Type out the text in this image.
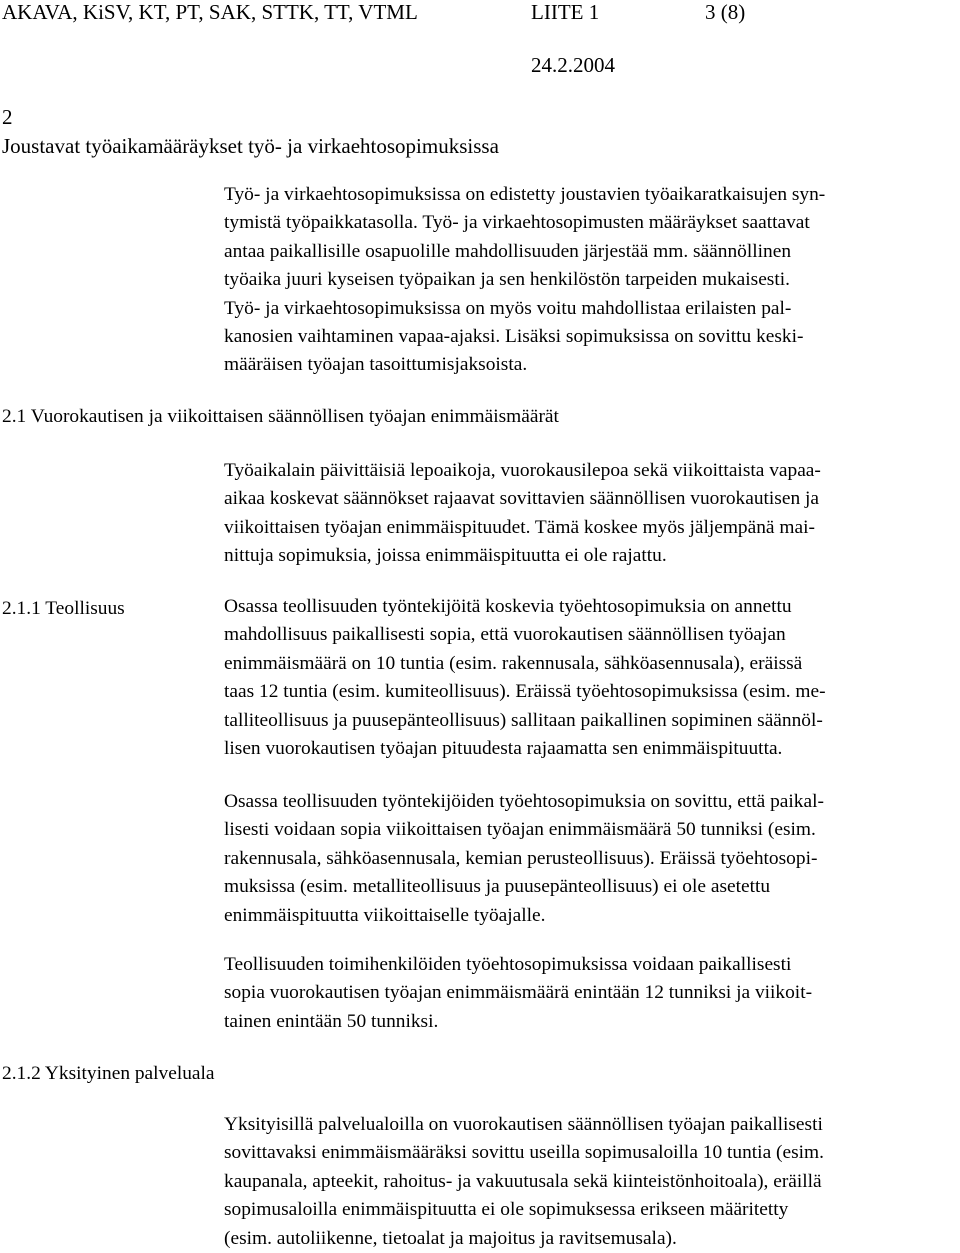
AKAVA, KiSV, KT, PT, SAK, STTK, TT, VTML	LIITE 1	3 (8)
24.2.2004
2
Joustavat työaikamääräykset työ- ja virkaehtosopimuksissa
Työ- ja virkaehtosopimuksissa on edistetty joustavien työaikaratkaisujen syn-
tymistä työpaikkatasolla. Työ- ja virkaehtosopimusten määräykset saattavat
antaa paikallisille osapuolille mahdollisuuden järjestää mm. säännöllinen
työaika juuri kyseisen työpaikan ja sen henkilöstön tarpeiden mukaisesti.
Työ- ja virkaehtosopimuksissa on myös voitu mahdollistaa erilaisten pal-
kanosien vaihtaminen vapaa-ajaksi. Lisäksi sopimuksissa on sovittu keski-
määräisen työajan tasoittumisjaksoista.
2.1 Vuorokautisen ja viikoittaisen säännöllisen työajan enimmäismäärät
Työaikalain päivittäisiä lepoaikoja, vuorokausilepoa sekä viikoittaista vapaa-
aikaa koskevat säännökset rajaavat sovittavien säännöllisen vuorokautisen ja
viikoittaisen työajan enimmäispituudet. Tämä koskee myös jäljempänä mai-
nittuja sopimuksia, joissa enimmäispituutta ei ole rajattu.
2.1.1 Teollisuus	Osassa teollisuuden työntekijöitä koskevia työehtosopimuksia on annettu
mahdollisuus paikallisesti sopia, että vuorokautisen säännöllisen työajan
enimmäismäärä on 10 tuntia (esim. rakennusala, sähköasennusala), eräissä
taas 12 tuntia (esim. kumiteollisuus). Eräissä työehtosopimuksissa (esim. me-
talliteollisuus ja puusepänteollisuus) sallitaan paikallinen sopiminen säännöl-
lisen vuorokautisen työajan pituudesta rajaamatta sen enimmäispituutta.
Osassa teollisuuden työntekijöiden työehtosopimuksia on sovittu, että paikal-
lisesti voidaan sopia viikoittaisen työajan enimmäismäärä 50 tunniksi (esim.
rakennusala, sähköasennusala, kemian perusteollisuus). Eräissä työehtosopi-
muksissa (esim. metalliteollisuus ja puusepänteollisuus) ei ole asetettu
enimmäispituutta viikoittaiselle työajalle.
Teollisuuden toimihenkilöiden työehtosopimuksissa voidaan paikallisesti
sopia vuorokautisen työajan enimmäismäärä enintään 12 tunniksi ja viikoit-
tainen enintään 50 tunniksi.
2.1.2 Yksityinen palveluala
Yksityisillä palvelualoilla on vuorokautisen säännöllisen työajan paikallisesti
sovittavaksi enimmäismääräksi sovittu useilla sopimusaloilla 10 tuntia (esim.
kaupanala, apteekit, rahoitus- ja vakuutusala sekä kiinteistönhoitoala), eräillä
sopimusaloilla enimmäispituutta ei ole sopimuksessa erikseen määritetty
(esim. autoliikenne, tietoalat ja majoitus ja ravitsemusala).
